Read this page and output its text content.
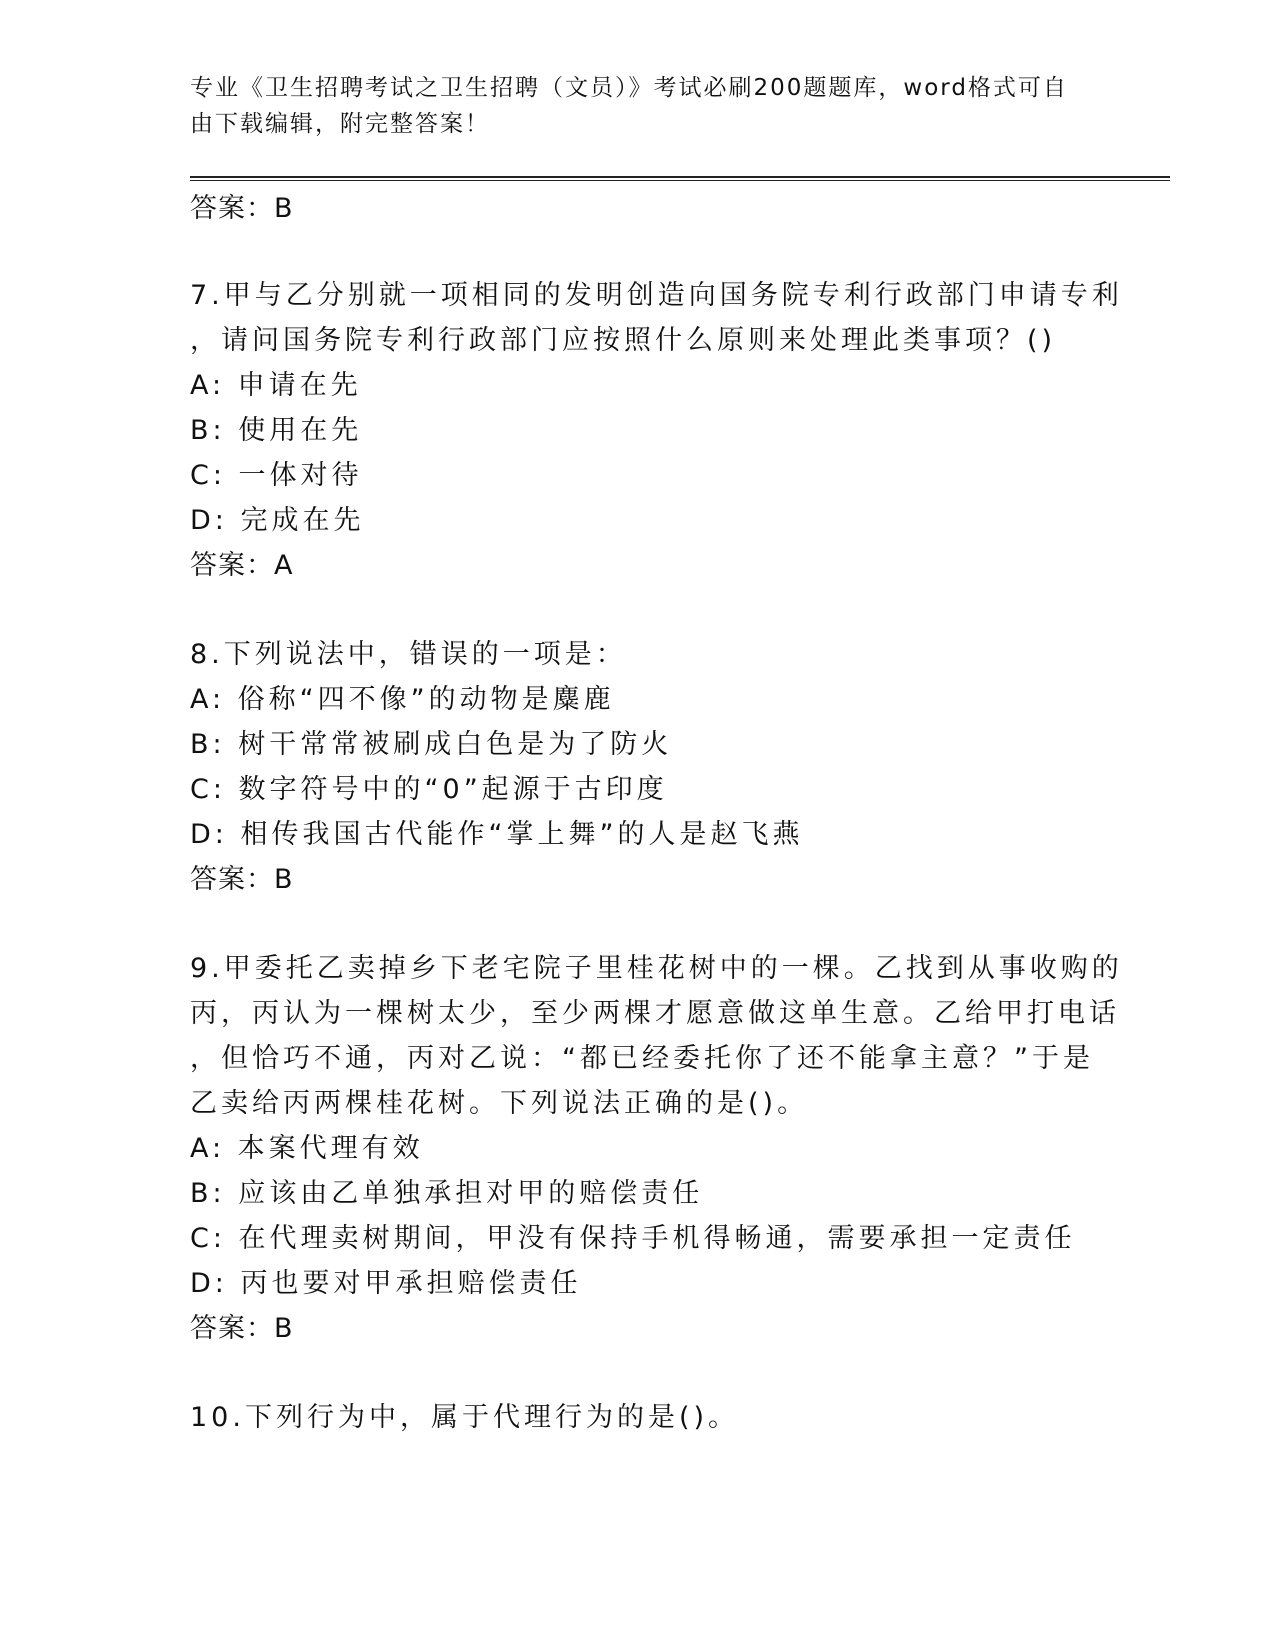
专业《卫生招聘考试之卫生招聘（文员）》考试必刷200题题库，word格式可自

由下载编辑，附完整答案！

答案：B

7.甲与乙分别就一项相同的发明创造向国务院专利行政部门申请专利

，请问国务院专利行政部门应按照什么原则来处理此类事项？()

A: 申请在先

B: 使用在先

C: 一体对待

D: 完成在先

答案：A

8.下列说法中，错误的一项是：

A: 俗称“四不像”的动物是麋鹿

B: 树干常常被刷成白色是为了防火

C: 数字符号中的“0”起源于古印度

D: 相传我国古代能作“掌上舞”的人是赵飞燕

答案：B

9.甲委托乙卖掉乡下老宅院子里桂花树中的一棵。乙找到从事收购的

丙，丙认为一棵树太少，至少两棵才愿意做这单生意。乙给甲打电话

，但恰巧不通，丙对乙说：“都已经委托你了还不能拿主意？”于是

乙卖给丙两棵桂花树。下列说法正确的是()。

A: 本案代理有效

B: 应该由乙单独承担对甲的赔偿责任

C: 在代理卖树期间，甲没有保持手机得畅通，需要承担一定责任

D: 丙也要对甲承担赔偿责任

答案：B

10.下列行为中，属于代理行为的是()。
